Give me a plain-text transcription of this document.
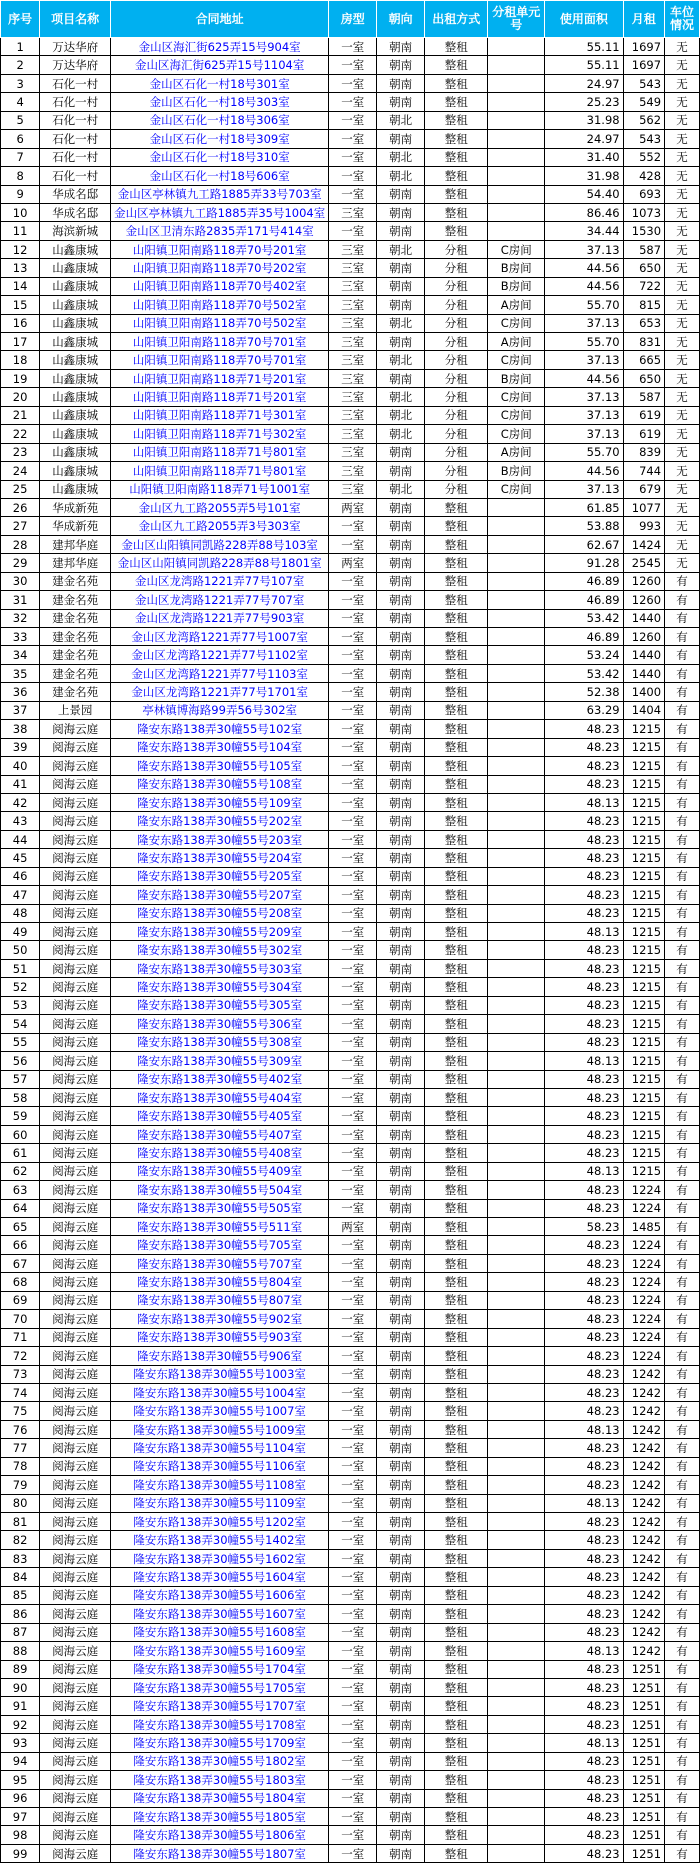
序号	项目名称	合同地址	房型	朝向	出租方式	分租单元号	使用面积	月租	车位情况
1	万达华府	金山区海汇街625弄15号904室	一室	朝南	整租		55.11	1697	无
2	万达华府	金山区海汇街625弄15号1104室	一室	朝南	整租		55.11	1697	无
3	石化一村	金山区石化一村18号301室	一室	朝南	整租		24.97	543	无
4	石化一村	金山区石化一村18号303室	一室	朝南	整租		25.23	549	无
5	石化一村	金山区石化一村18号306室	一室	朝北	整租		31.98	562	无
6	石化一村	金山区石化一村18号309室	一室	朝南	整租		24.97	543	无
7	石化一村	金山区石化一村18号310室	一室	朝北	整租		31.40	552	无
8	石化一村	金山区石化一村18号606室	一室	朝北	整租		31.98	428	无
9	华成名邸	金山区亭林镇九工路1885弄33号703室	一室	朝南	整租		54.40	693	无
10	华成名邸	金山区亭林镇九工路1885弄35号1004室	三室	朝南	整租		86.46	1073	无
11	海滨新城	金山区卫清东路2835弄171号414室	一室	朝南	整租		34.44	1530	无
12	山鑫康城	山阳镇卫阳南路118弄70号201室	三室	朝北	分租	C房间	37.13	587	无
13	山鑫康城	山阳镇卫阳南路118弄70号202室	三室	朝南	分租	B房间	44.56	650	无
14	山鑫康城	山阳镇卫阳南路118弄70号402室	三室	朝南	分租	B房间	44.56	722	无
15	山鑫康城	山阳镇卫阳南路118弄70号502室	三室	朝南	分租	A房间	55.70	815	无
16	山鑫康城	山阳镇卫阳南路118弄70号502室	三室	朝北	分租	C房间	37.13	653	无
17	山鑫康城	山阳镇卫阳南路118弄70号701室	三室	朝南	分租	A房间	55.70	831	无
18	山鑫康城	山阳镇卫阳南路118弄70号701室	三室	朝北	分租	C房间	37.13	665	无
19	山鑫康城	山阳镇卫阳南路118弄71号201室	三室	朝南	分租	B房间	44.56	650	无
20	山鑫康城	山阳镇卫阳南路118弄71号201室	三室	朝北	分租	C房间	37.13	587	无
21	山鑫康城	山阳镇卫阳南路118弄71号301室	三室	朝北	分租	C房间	37.13	619	无
22	山鑫康城	山阳镇卫阳南路118弄71号302室	三室	朝北	分租	C房间	37.13	619	无
23	山鑫康城	山阳镇卫阳南路118弄71号801室	三室	朝南	分租	A房间	55.70	839	无
24	山鑫康城	山阳镇卫阳南路118弄71号801室	三室	朝南	分租	B房间	44.56	744	无
25	山鑫康城	山阳镇卫阳南路118弄71号1001室	三室	朝北	分租	C房间	37.13	679	无
26	华成新苑	金山区九工路2055弄5号101室	两室	朝南	整租		61.85	1077	无
27	华成新苑	金山区九工路2055弄3号303室	一室	朝南	整租		53.88	993	无
28	建邦华庭	金山区山阳镇同凯路228弄88号103室	一室	朝南	整租		62.67	1424	无
29	建邦华庭	金山区山阳镇同凯路228弄88号1801室	两室	朝南	整租		91.28	2545	无
30	建金名苑	金山区龙湾路1221弄77号107室	一室	朝南	整租		46.89	1260	有
31	建金名苑	金山区龙湾路1221弄77号707室	一室	朝南	整租		46.89	1260	有
32	建金名苑	金山区龙湾路1221弄77号903室	一室	朝南	整租		53.42	1440	有
33	建金名苑	金山区龙湾路1221弄77号1007室	一室	朝南	整租		46.89	1260	有
34	建金名苑	金山区龙湾路1221弄77号1102室	一室	朝南	整租		53.24	1440	有
35	建金名苑	金山区龙湾路1221弄77号1103室	一室	朝南	整租		53.42	1440	有
36	建金名苑	金山区龙湾路1221弄77号1701室	一室	朝南	整租		52.38	1400	有
37	上景园	亭林镇博海路99弄56号302室	一室	朝南	整租		63.29	1404	有
38	阅海云庭	隆安东路138弄30幢55号102室	一室	朝南	整租		48.23	1215	有
39	阅海云庭	隆安东路138弄30幢55号104室	一室	朝南	整租		48.23	1215	有
40	阅海云庭	隆安东路138弄30幢55号105室	一室	朝南	整租		48.23	1215	有
41	阅海云庭	隆安东路138弄30幢55号108室	一室	朝南	整租		48.23	1215	有
42	阅海云庭	隆安东路138弄30幢55号109室	一室	朝南	整租		48.13	1215	有
43	阅海云庭	隆安东路138弄30幢55号202室	一室	朝南	整租		48.23	1215	有
44	阅海云庭	隆安东路138弄30幢55号203室	一室	朝南	整租		48.23	1215	有
45	阅海云庭	隆安东路138弄30幢55号204室	一室	朝南	整租		48.23	1215	有
46	阅海云庭	隆安东路138弄30幢55号205室	一室	朝南	整租		48.23	1215	有
47	阅海云庭	隆安东路138弄30幢55号207室	一室	朝南	整租		48.23	1215	有
48	阅海云庭	隆安东路138弄30幢55号208室	一室	朝南	整租		48.23	1215	有
49	阅海云庭	隆安东路138弄30幢55号209室	一室	朝南	整租		48.13	1215	有
50	阅海云庭	隆安东路138弄30幢55号302室	一室	朝南	整租		48.23	1215	有
51	阅海云庭	隆安东路138弄30幢55号303室	一室	朝南	整租		48.23	1215	有
52	阅海云庭	隆安东路138弄30幢55号304室	一室	朝南	整租		48.23	1215	有
53	阅海云庭	隆安东路138弄30幢55号305室	一室	朝南	整租		48.23	1215	有
54	阅海云庭	隆安东路138弄30幢55号306室	一室	朝南	整租		48.23	1215	有
55	阅海云庭	隆安东路138弄30幢55号308室	一室	朝南	整租		48.23	1215	有
56	阅海云庭	隆安东路138弄30幢55号309室	一室	朝南	整租		48.13	1215	有
57	阅海云庭	隆安东路138弄30幢55号402室	一室	朝南	整租		48.23	1215	有
58	阅海云庭	隆安东路138弄30幢55号404室	一室	朝南	整租		48.23	1215	有
59	阅海云庭	隆安东路138弄30幢55号405室	一室	朝南	整租		48.23	1215	有
60	阅海云庭	隆安东路138弄30幢55号407室	一室	朝南	整租		48.23	1215	有
61	阅海云庭	隆安东路138弄30幢55号408室	一室	朝南	整租		48.23	1215	有
62	阅海云庭	隆安东路138弄30幢55号409室	一室	朝南	整租		48.13	1215	有
63	阅海云庭	隆安东路138弄30幢55号504室	一室	朝南	整租		48.23	1224	有
64	阅海云庭	隆安东路138弄30幢55号505室	一室	朝南	整租		48.23	1224	有
65	阅海云庭	隆安东路138弄30幢55号511室	两室	朝南	整租		58.23	1485	有
66	阅海云庭	隆安东路138弄30幢55号705室	一室	朝南	整租		48.23	1224	有
67	阅海云庭	隆安东路138弄30幢55号707室	一室	朝南	整租		48.23	1224	有
68	阅海云庭	隆安东路138弄30幢55号804室	一室	朝南	整租		48.23	1224	有
69	阅海云庭	隆安东路138弄30幢55号807室	一室	朝南	整租		48.23	1224	有
70	阅海云庭	隆安东路138弄30幢55号902室	一室	朝南	整租		48.23	1224	有
71	阅海云庭	隆安东路138弄30幢55号903室	一室	朝南	整租		48.23	1224	有
72	阅海云庭	隆安东路138弄30幢55号906室	一室	朝南	整租		48.23	1224	有
73	阅海云庭	隆安东路138弄30幢55号1003室	一室	朝南	整租		48.23	1242	有
74	阅海云庭	隆安东路138弄30幢55号1004室	一室	朝南	整租		48.23	1242	有
75	阅海云庭	隆安东路138弄30幢55号1007室	一室	朝南	整租		48.23	1242	有
76	阅海云庭	隆安东路138弄30幢55号1009室	一室	朝南	整租		48.13	1242	有
77	阅海云庭	隆安东路138弄30幢55号1104室	一室	朝南	整租		48.23	1242	有
78	阅海云庭	隆安东路138弄30幢55号1106室	一室	朝南	整租		48.23	1242	有
79	阅海云庭	隆安东路138弄30幢55号1108室	一室	朝南	整租		48.23	1242	有
80	阅海云庭	隆安东路138弄30幢55号1109室	一室	朝南	整租		48.13	1242	有
81	阅海云庭	隆安东路138弄30幢55号1202室	一室	朝南	整租		48.23	1242	有
82	阅海云庭	隆安东路138弄30幢55号1402室	一室	朝南	整租		48.23	1242	有
83	阅海云庭	隆安东路138弄30幢55号1602室	一室	朝南	整租		48.23	1242	有
84	阅海云庭	隆安东路138弄30幢55号1604室	一室	朝南	整租		48.23	1242	有
85	阅海云庭	隆安东路138弄30幢55号1606室	一室	朝南	整租		48.23	1242	有
86	阅海云庭	隆安东路138弄30幢55号1607室	一室	朝南	整租		48.23	1242	有
87	阅海云庭	隆安东路138弄30幢55号1608室	一室	朝南	整租		48.23	1242	有
88	阅海云庭	隆安东路138弄30幢55号1609室	一室	朝南	整租		48.13	1242	有
89	阅海云庭	隆安东路138弄30幢55号1704室	一室	朝南	整租		48.23	1251	有
90	阅海云庭	隆安东路138弄30幢55号1705室	一室	朝南	整租		48.23	1251	有
91	阅海云庭	隆安东路138弄30幢55号1707室	一室	朝南	整租		48.23	1251	有
92	阅海云庭	隆安东路138弄30幢55号1708室	一室	朝南	整租		48.23	1251	有
93	阅海云庭	隆安东路138弄30幢55号1709室	一室	朝南	整租		48.13	1251	有
94	阅海云庭	隆安东路138弄30幢55号1802室	一室	朝南	整租		48.23	1251	有
95	阅海云庭	隆安东路138弄30幢55号1803室	一室	朝南	整租		48.23	1251	有
96	阅海云庭	隆安东路138弄30幢55号1804室	一室	朝南	整租		48.23	1251	有
97	阅海云庭	隆安东路138弄30幢55号1805室	一室	朝南	整租		48.23	1251	有
98	阅海云庭	隆安东路138弄30幢55号1806室	一室	朝南	整租		48.23	1251	有
99	阅海云庭	隆安东路138弄30幢55号1807室	一室	朝南	整租		48.23	1251	有
